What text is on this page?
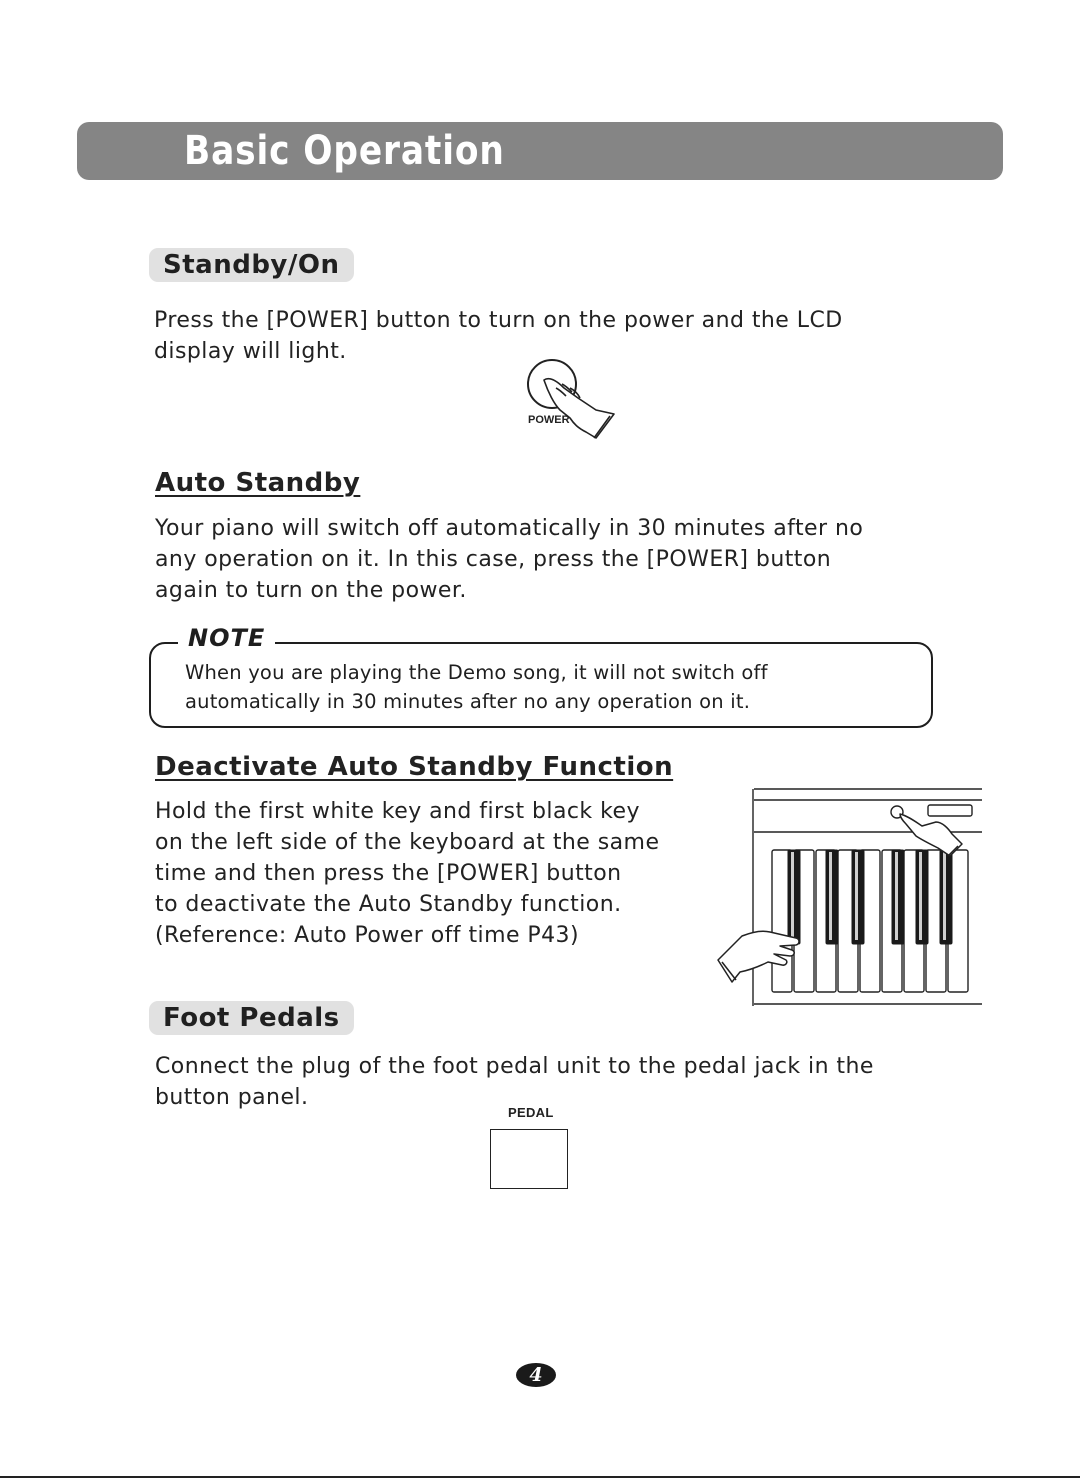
Basic Operation
Standby/On
Press the [POWER] button to turn on the power and the LCD
display will light.
POWER
Auto Standby
Your piano will switch off automatically in 30 minutes after no
any operation on it. In this case, press the [POWER] button
again to turn on the power.
NOTE
When you are playing the Demo song, it will not switch off
automatically in 30 minutes after no any operation on it.
Deactivate Auto Standby Function
Hold the first white key and first black key
on the left side of the keyboard at the same
time and then press the [POWER] button
to deactivate the Auto Standby function.
(Reference: Auto Power off time P43)
Foot Pedals
Connect the plug of the foot pedal unit to the pedal jack in the
button panel.
PEDAL
4
